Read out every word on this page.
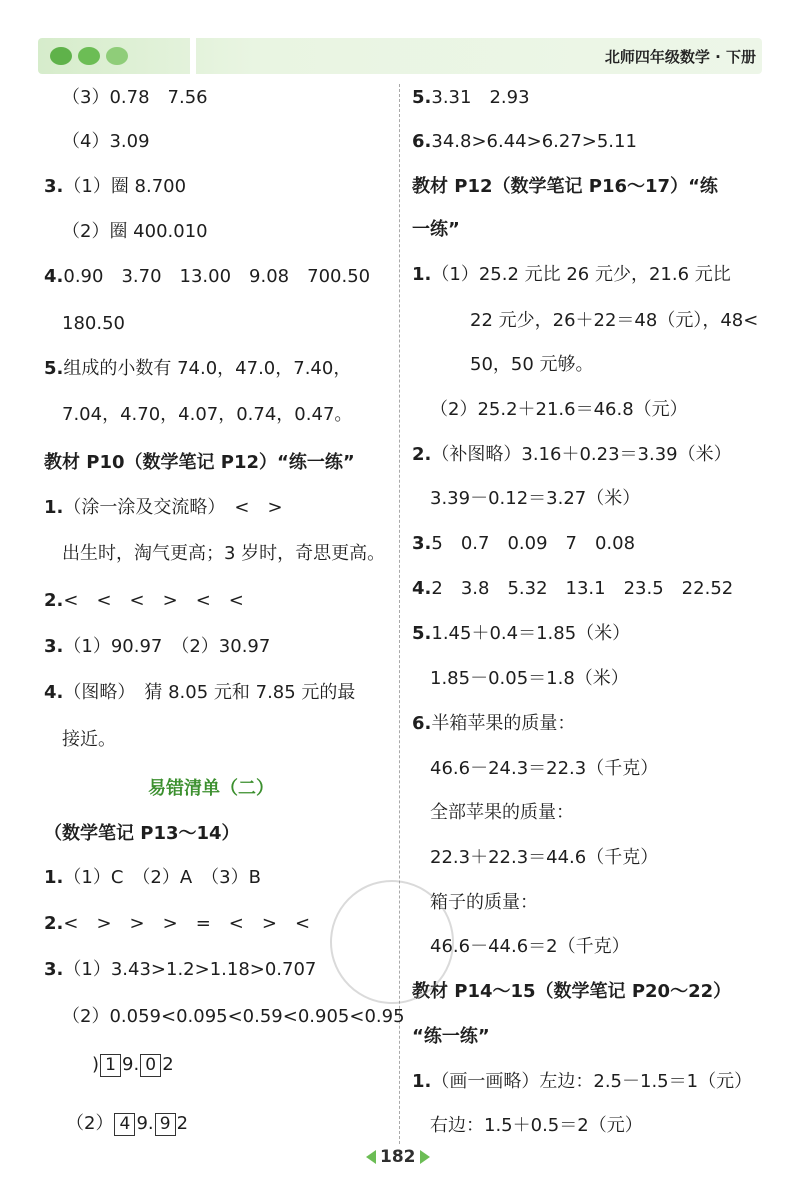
北师四年级数学 · 下册
（3）0.78　7.56
（4）3.09
3.（1）圈 8.700
（2）圈 400.010
4.0.90　3.70　13.00　9.08　700.50
180.50
5.组成的小数有 74.0，47.0，7.40，
7.04，4.70，4.07，0.74，0.47。
教材 P10（数学笔记 P12）“练一练”
1.（涂一涂及交流略）　<　>
出生时，淘气更高；3 岁时，奇思更高。
2.<　<　<　>　<　<
3.（1）90.97　（2）30.97
4.（图略）　猜 8.05 元和 7.85 元的最
接近。
易错清单（二）
（数学笔记 P13～14）
1.（1）C　（2）A　（3）B
2.<　>　>　>　=　<　>　<
3.（1）3.43>1.2>1.18>0.707
（2）0.059<0.095<0.59<0.905<0.95
) 1 9. 0 2
（2） 4 9. 9 2
5.3.31　2.93
6.34.8>6.44>6.27>5.11
教材 P12（数学笔记 P16～17）“练
一练”
1.（1）25.2 元比 26 元少，21.6 元比
22 元少，26＋22＝48（元），48<
50，50 元够。
（2）25.2＋21.6＝46.8（元）
2.（补图略）3.16＋0.23＝3.39（米）
3.39－0.12＝3.27（米）
3.5　0.7　0.09　7　0.08
4.2　3.8　5.32　13.1　23.5　22.52
5.1.45＋0.4＝1.85（米）
1.85－0.05＝1.8（米）
6.半箱苹果的质量：
46.6－24.3＝22.3（千克）
全部苹果的质量：
22.3＋22.3＝44.6（千克）
箱子的质量：
46.6－44.6＝2（千克）
教材 P14～15（数学笔记 P20～22）
“练一练”
1.（画一画略）左边：2.5－1.5＝1（元）
右边：1.5＋0.5＝2（元）
182
